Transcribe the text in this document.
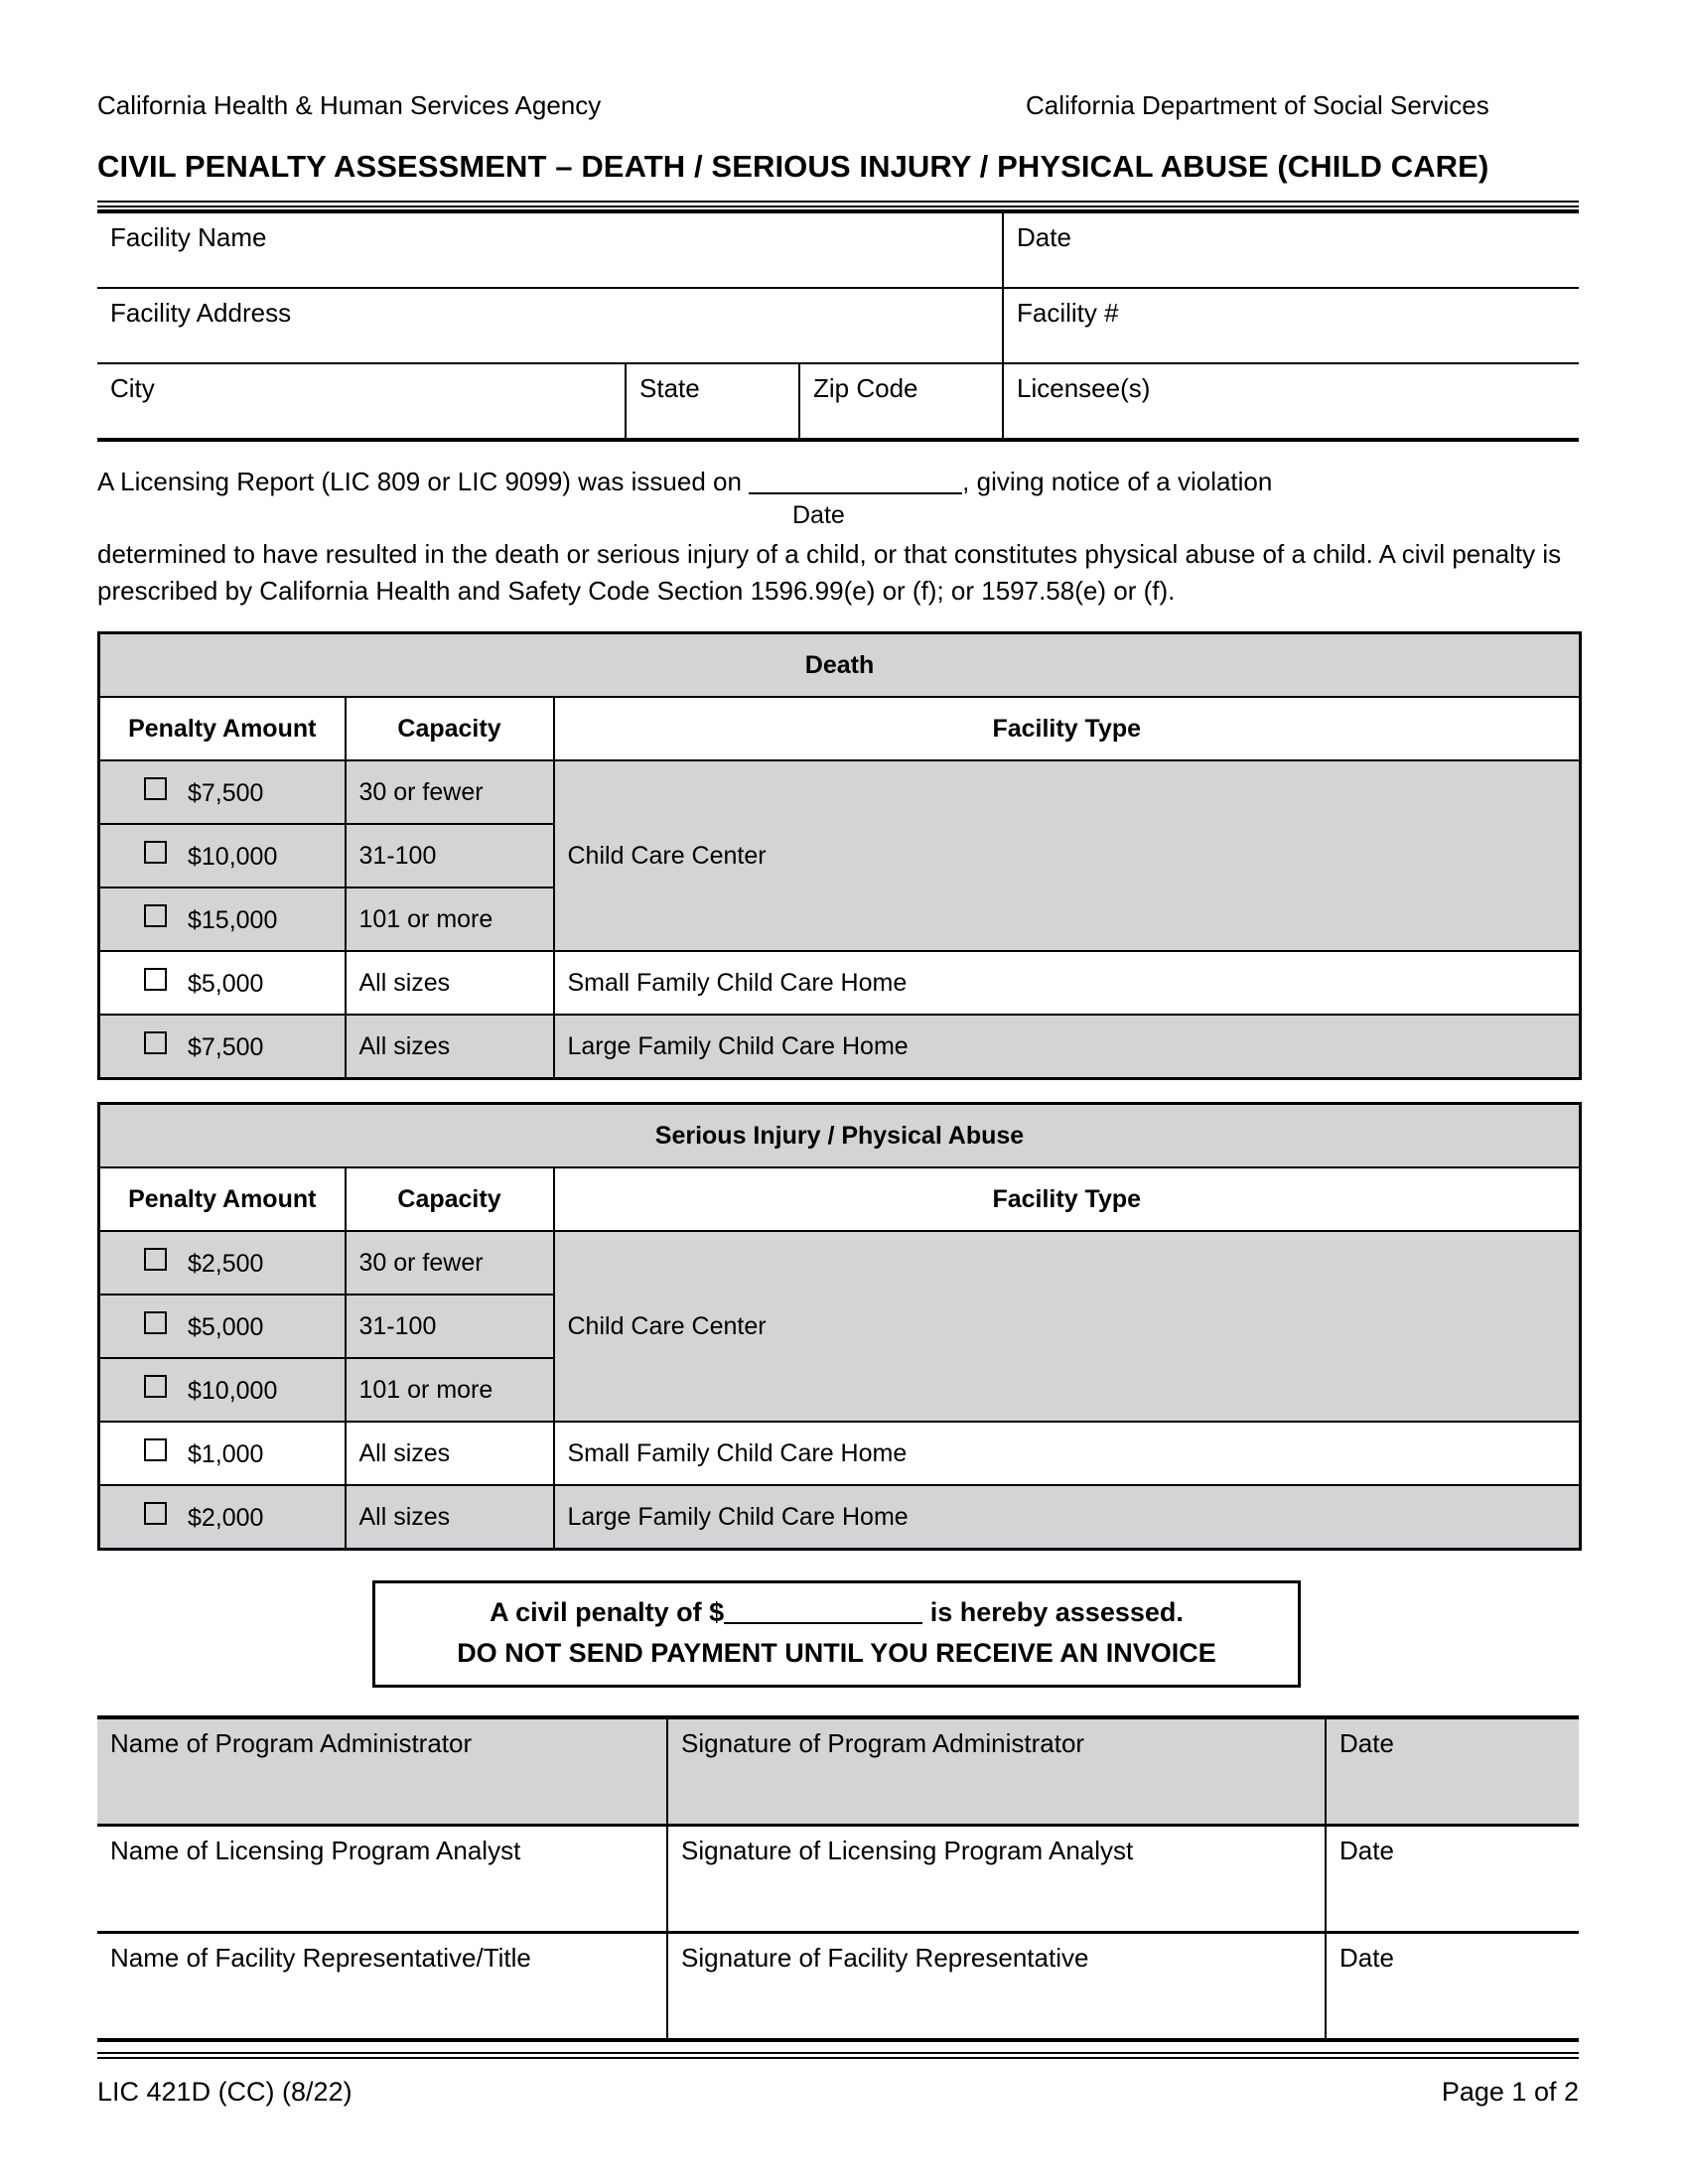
California Health & Human Services Agency	California Department of Social Services
CIVIL PENALTY ASSESSMENT – DEATH / SERIOUS INJURY / PHYSICAL ABUSE (CHILD CARE)
Facility Name			Date
Facility Address			Facility #
City	State	Zip Code	Licensee(s)
A Licensing Report (LIC 809 or LIC 9099) was issued on	, giving notice of a violation
Date
determined to have resulted in the death or serious injury of a child, or that constitutes physical abuse of a child. A civil penalty is prescribed by California Health and Safety Code Section 1596.99(e) or (f); or 1597.58(e) or (f).
Death		
Penalty Amount	Capacity	Facility Type
$7,500	30 or fewer	Child Care Center
$10,000	31-100	
$15,000	101 or more	
$5,000	All sizes	Small Family Child Care Home
$7,500	All sizes	Large Family Child Care Home
Serious Injury / Physical Abuse		
Penalty Amount	Capacity	Facility Type
$2,500	30 or fewer	Child Care Center
$5,000	31-100	
$10,000	101 or more	
$1,000	All sizes	Small Family Child Care Home
$2,000	All sizes	Large Family Child Care Home
A civil penalty of $	is hereby assessed.
DO NOT SEND PAYMENT UNTIL YOU RECEIVE AN INVOICE
Name of Program Administrator	Signature of Program Administrator	Date
Name of Licensing Program Analyst	Signature of Licensing Program Analyst	Date
Name of Facility Representative/Title	Signature of Facility Representative	Date
LIC 421D (CC) (8/22)	Page 1 of 2
